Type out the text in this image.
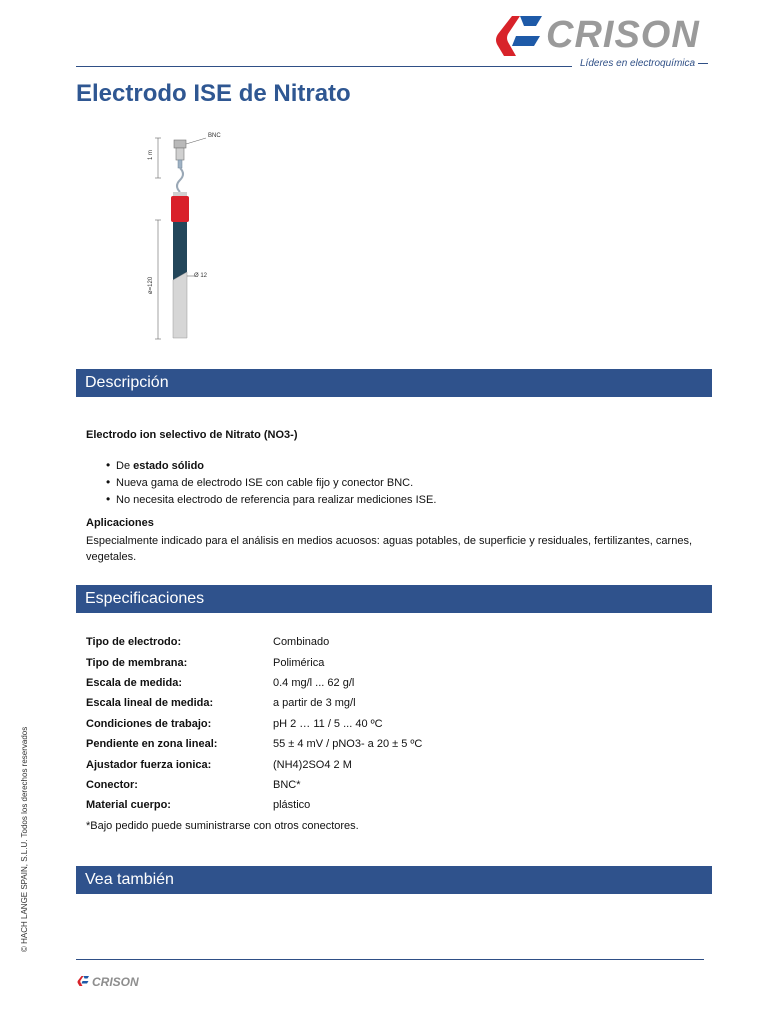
CRISON
Líderes en electroquímica
Electrodo ISE de Nitrato
BNC
1 m
ø=120
Ø 12
Descripción
Electrodo ion selectivo de Nitrato (NO3-)
• De estado sólido
• Nueva gama de electrodo ISE con cable fijo y conector BNC.
• No necesita electrodo de referencia para realizar mediciones ISE.
Aplicaciones
Especialmente indicado para el análisis en medios acuosos: aguas potables, de superficie y residuales, fertilizantes, carnes, vegetales.
Especificaciones
Tipo de electrodo:	Combinado
Tipo de membrana:	Polimérica
Escala de medida:	0.4 mg/l ... 62 g/l
Escala lineal de medida:	a partir de 3 mg/l
Condiciones de trabajo:	pH 2 … 11 / 5 ... 40 ºC
Pendiente en zona lineal:	55 ± 4 mV / pNO3- a 20 ± 5 ºC
Ajustador fuerza ionica:	(NH4)2SO4 2 M
Conector:	BNC*
Material cuerpo:	plástico
*Bajo pedido puede suministrarse con otros conectores.
Vea también
© HACH LANGE SPAIN, S.L.U. Todos los derechos reservados
CRISON
